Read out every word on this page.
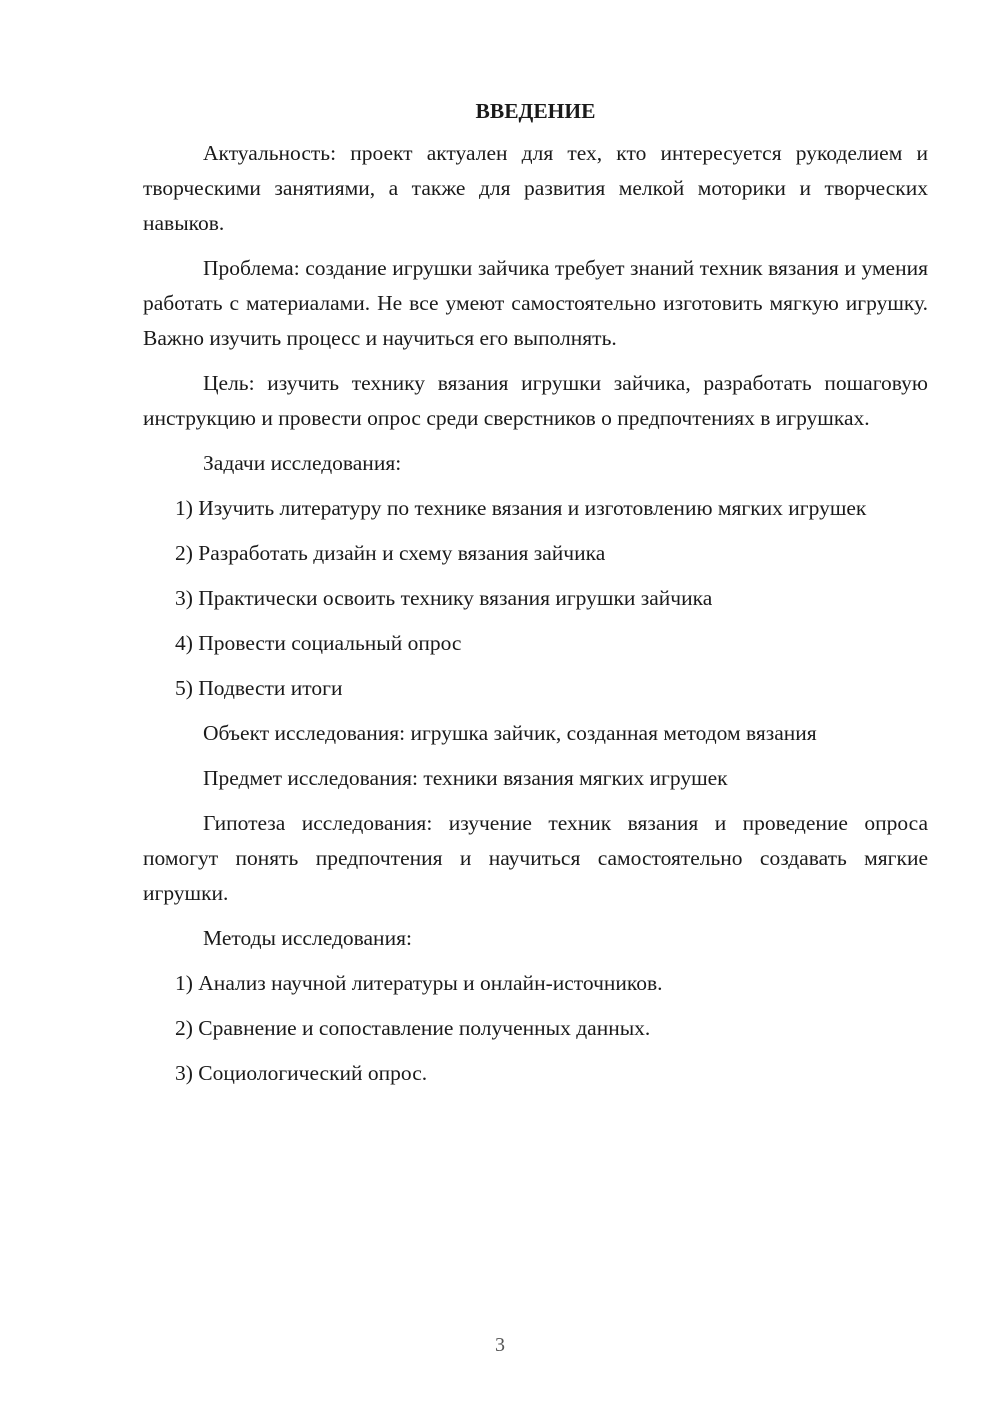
ВВЕДЕНИЕ

Актуальность: проект актуален для тех, кто интересуется рукоделием и творческими занятиями, а также для развития мелкой моторики и творческих навыков.

Проблема: создание игрушки зайчика требует знаний техник вязания и умения работать с материалами. Не все умеют самостоятельно изготовить мягкую игрушку. Важно изучить процесс и научиться его выполнять.

Цель: изучить технику вязания игрушки зайчика, разработать пошаговую инструкцию и провести опрос среди сверстников о предпочтениях в игрушках.

Задачи исследования:

1) Изучить литературу по технике вязания и изготовлению мягких игрушек

2) Разработать дизайн и схему вязания зайчика

3) Практически освоить технику вязания игрушки зайчика

4) Провести социальный опрос

5) Подвести итоги

Объект исследования: игрушка зайчик, созданная методом вязания

Предмет исследования: техники вязания мягких игрушек

Гипотеза исследования: изучение техник вязания и проведение опроса помогут понять предпочтения и научиться самостоятельно создавать мягкие игрушки.

Методы исследования:

1) Анализ научной литературы и онлайн-источников.

2) Сравнение и сопоставление полученных данных.

3) Социологический опрос.

3
